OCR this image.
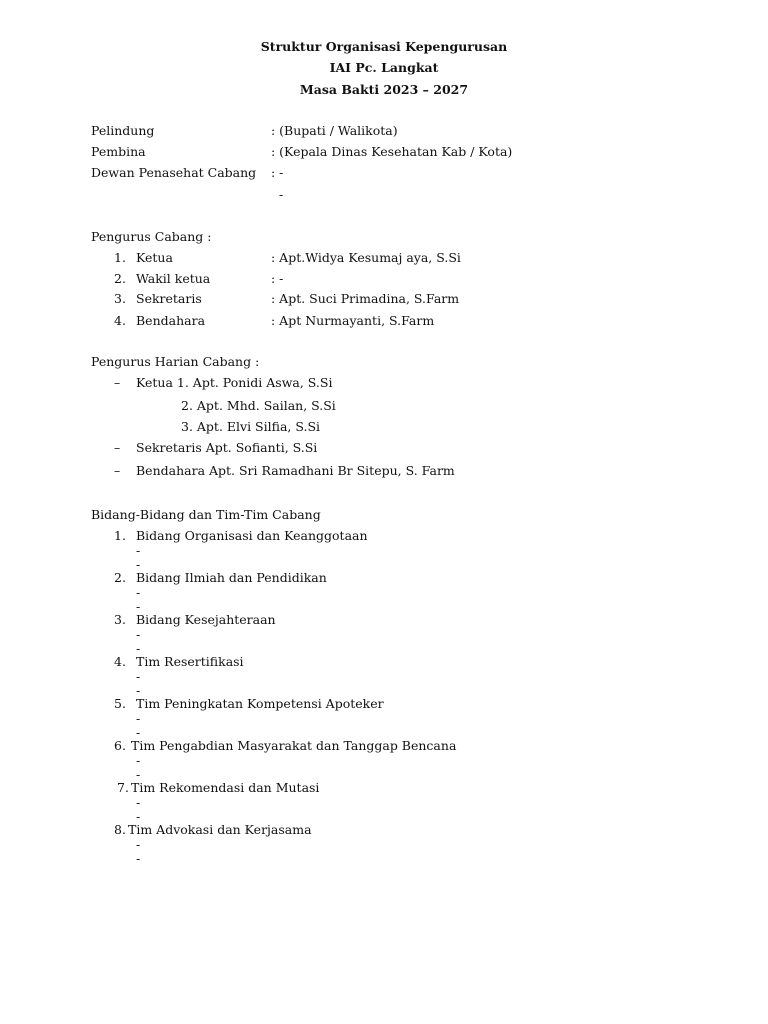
Struktur Organisasi Kepengurusan
IAI Pc. Langkat
Masa Bakti 2023 – 2027
Pelindung	: (Bupati / Walikota)
Pembina	: (Kepala Dinas Kesehatan Kab / Kota)
Dewan Penasehat Cabang : -
-
Pengurus Cabang :
1. Ketua	: Apt.Widya Kesumaj aya, S.Si
2. Wakil ketua	: -
3. Sekretaris	: Apt. Suci Primadina, S.Farm
4. Bendahara	: Apt Nurmayanti, S.Farm
Pengurus Harian Cabang :
– Ketua 1. Apt. Ponidi Aswa, S.Si
2. Apt. Mhd. Sailan, S.Si
3. Apt. Elvi Silfia, S.Si
– Sekretaris Apt. Sofianti, S.Si
– Bendahara Apt. Sri Ramadhani Br Sitepu, S. Farm
Bidang-Bidang dan Tim-Tim Cabang
1. Bidang Organisasi dan Keanggotaan
-
-
2. Bidang Ilmiah dan Pendidikan
-
-
3. Bidang Kesejahteraan
-
-
4. Tim Resertifikasi
-
-
5. Tim Peningkatan Kompetensi Apoteker
-
-
6. Tim Pengabdian Masyarakat dan Tanggap Bencana
-
-
7. Tim Rekomendasi dan Mutasi
-
-
8. Tim Advokasi dan Kerjasama
-
-
